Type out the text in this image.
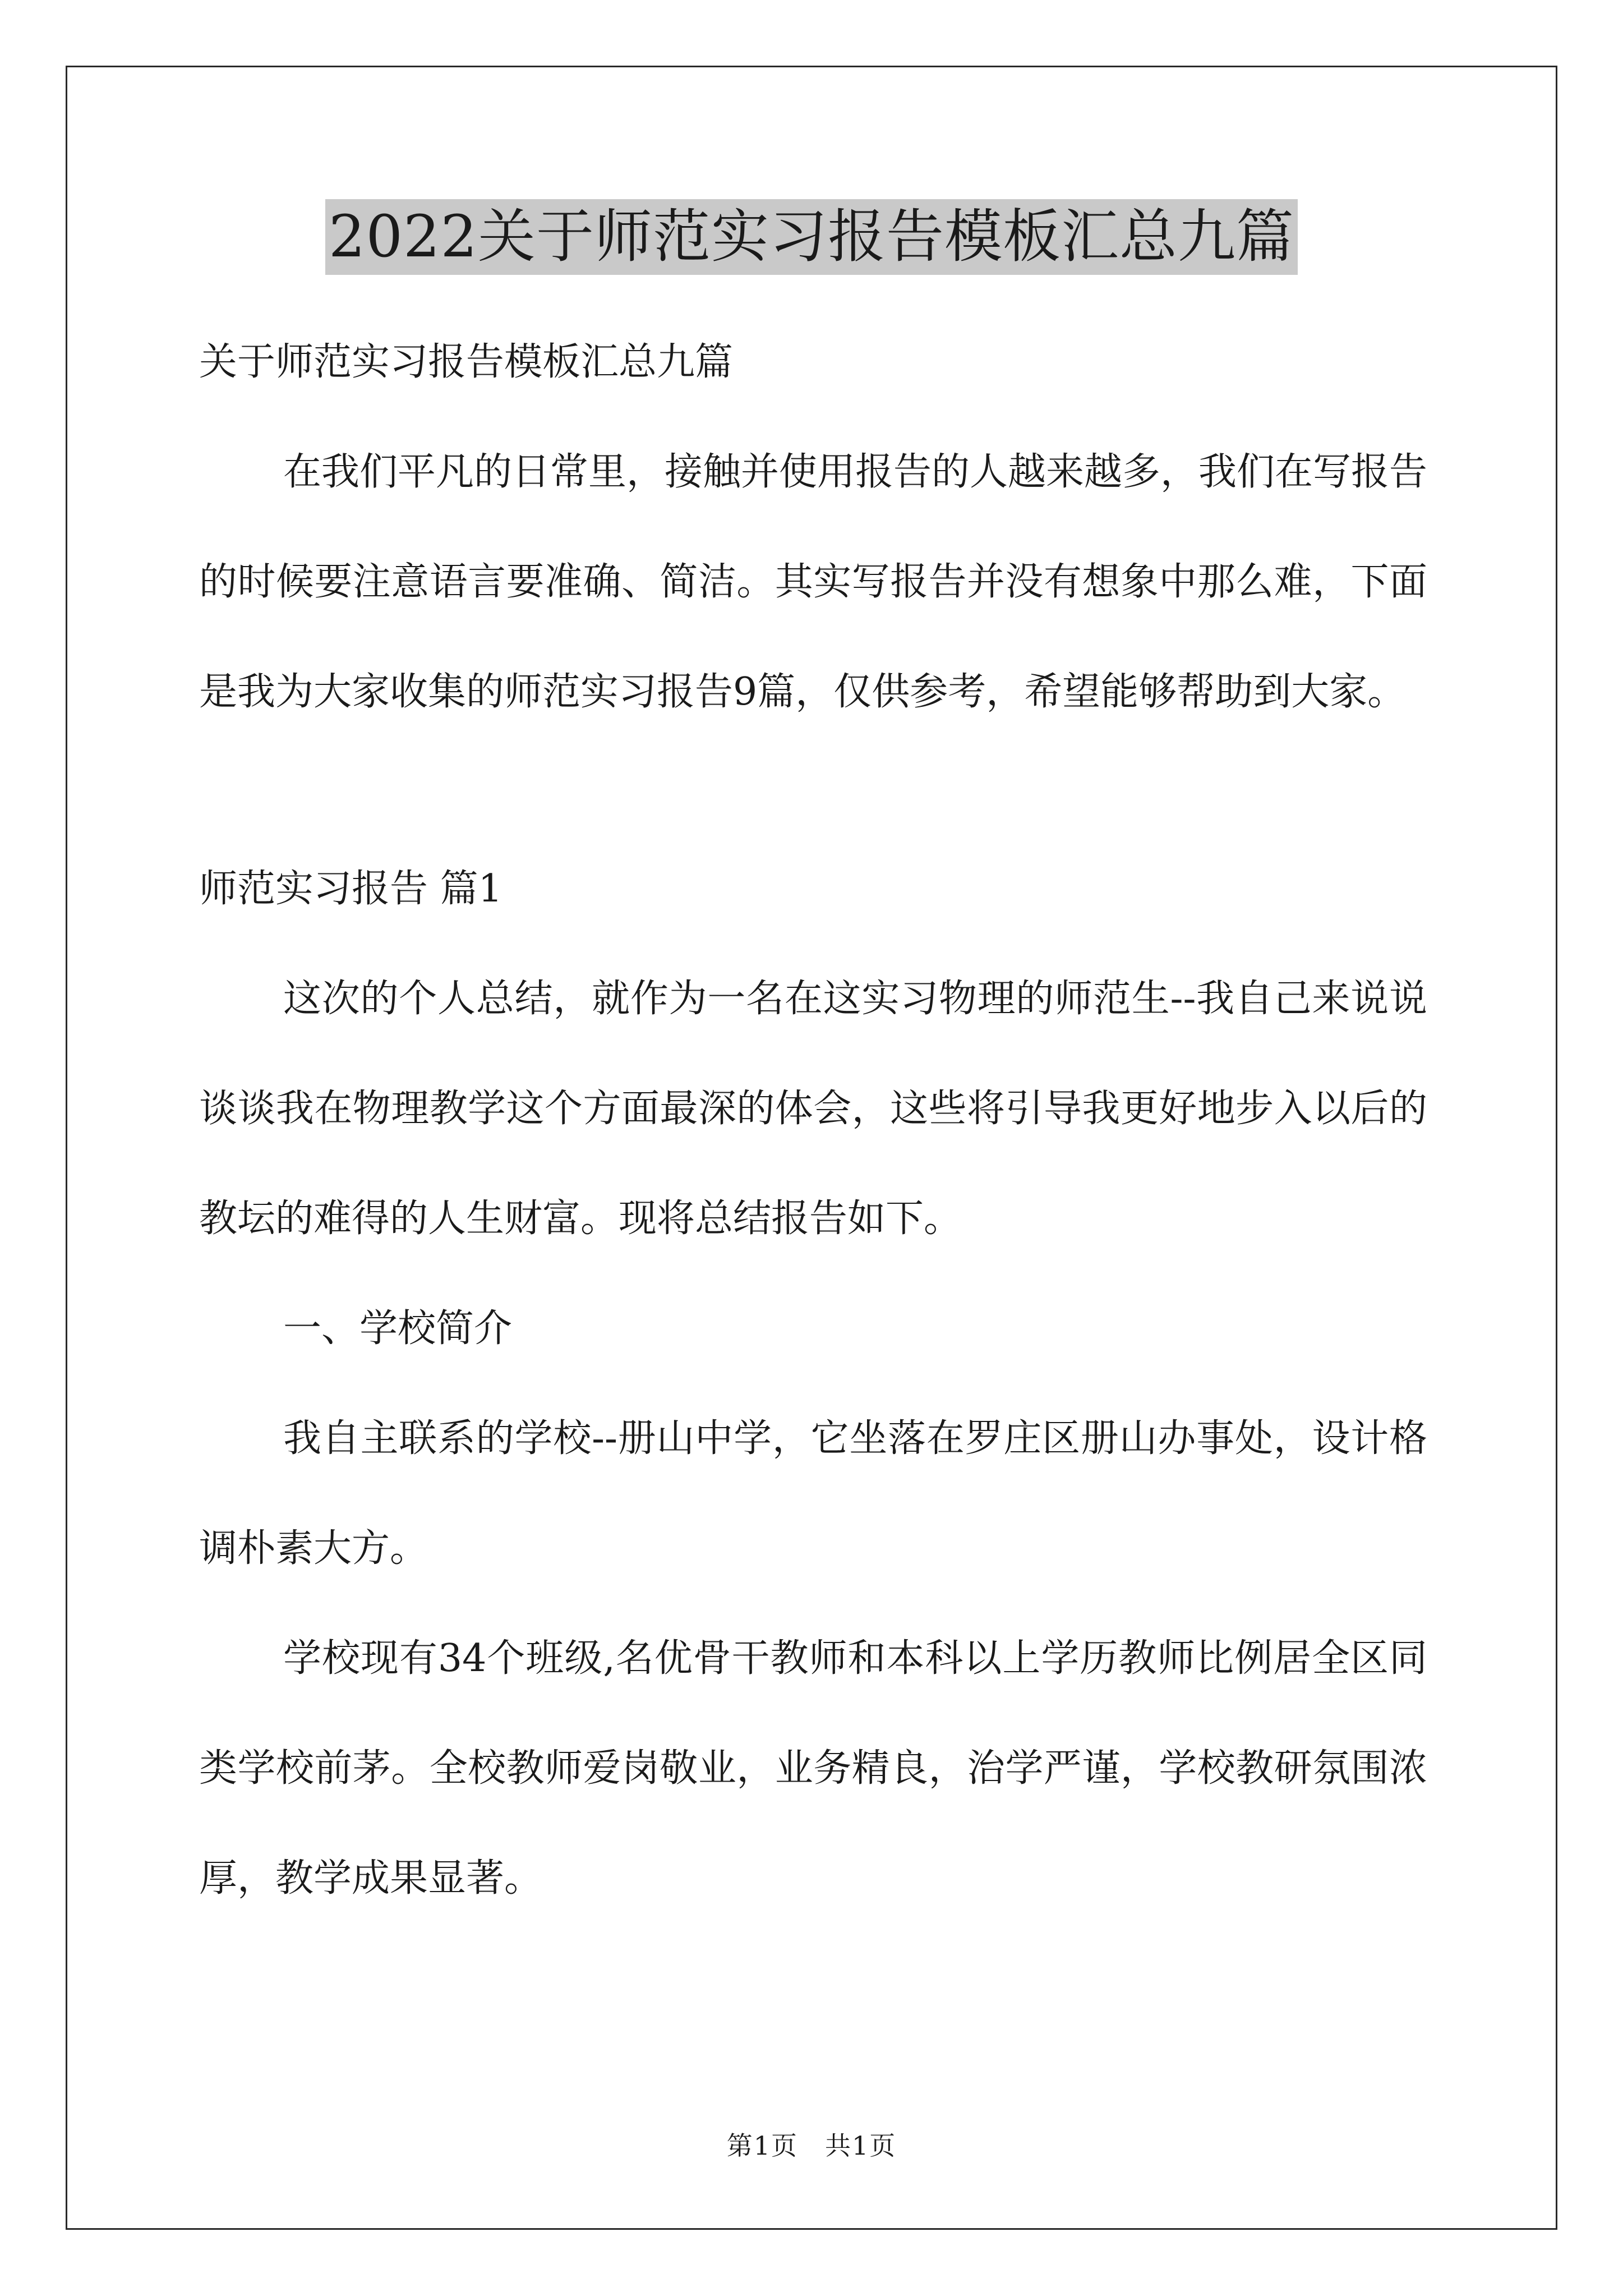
2022关于师范实习报告模板汇总九篇

关于师范实习报告模板汇总九篇

在我们平凡的日常里，接触并使用报告的人越来越多，我们在写报告的时候要注意语言要准确、简洁。其实写报告并没有想象中那么难，下面是我为大家收集的师范实习报告9篇，仅供参考，希望能够帮助到大家。

师范实习报告 篇1

这次的个人总结，就作为一名在这实习物理的师范生--我自己来说说谈谈我在物理教学这个方面最深的体会，这些将引导我更好地步入以后的教坛的难得的人生财富。现将总结报告如下。

一、学校简介

我自主联系的学校--册山中学，它坐落在罗庄区册山办事处，设计格调朴素大方。

学校现有34个班级,名优骨干教师和本科以上学历教师比例居全区同类学校前茅。全校教师爱岗敬业，业务精良，治学严谨，学校教研氛围浓厚，教学成果显著。

第1页　共1页
